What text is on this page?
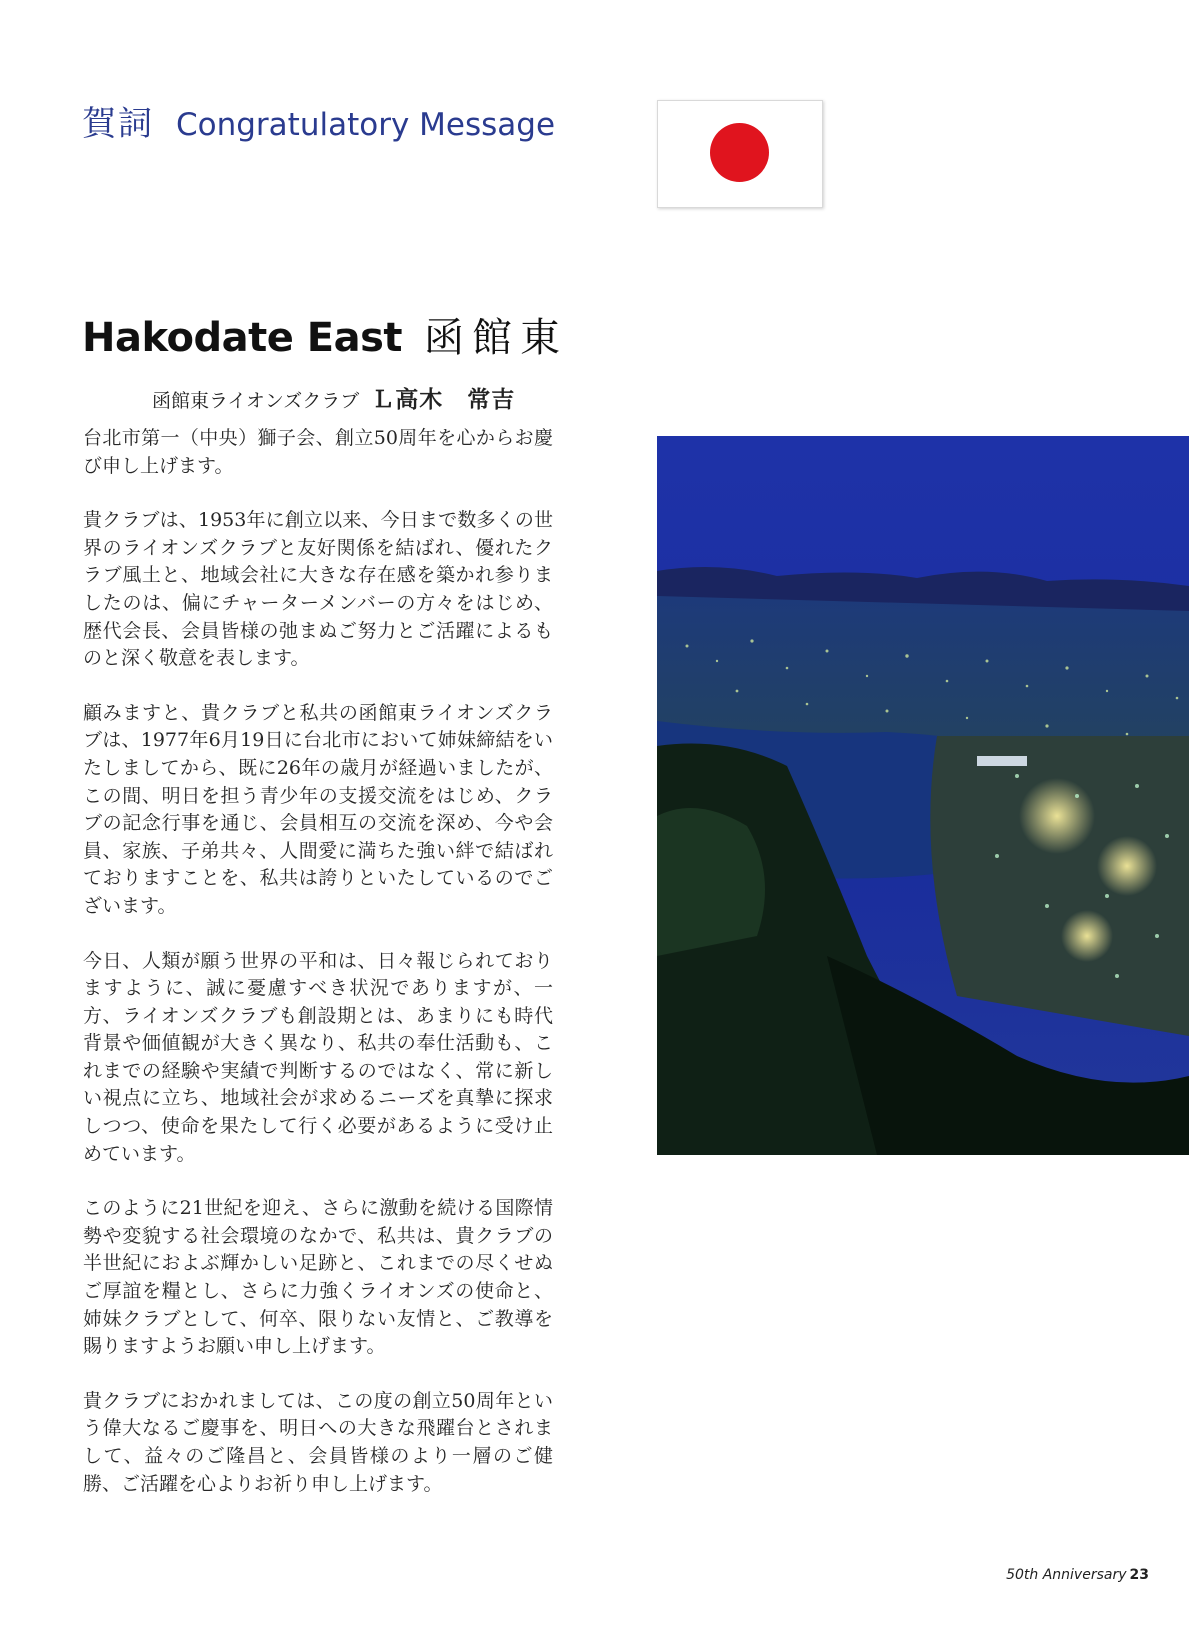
賀詞 Congratulatory Message
Hakodate East 函館東
函館東ライオンズクラブ Ｌ高木　常吉

台北市第一（中央）獅子会、創立50周年を心からお慶び申し上げます。

貴クラブは、1953年に創立以来、今日まで数多くの世界のライオンズクラブと友好関係を結ばれ、優れたクラブ風土と、地域会社に大きな存在感を築かれ参りましたのは、偏にチャーターメンバーの方々をはじめ、歴代会長、会員皆様の弛まぬご努力とご活躍によるものと深く敬意を表します。

顧みますと、貴クラブと私共の函館東ライオンズクラブは、1977年6月19日に台北市において姉妹締結をいたしましてから、既に26年の歳月が経過いましたが、この間、明日を担う青少年の支援交流をはじめ、クラブの記念行事を通じ、会員相互の交流を深め、今や会員、家族、子弟共々、人間愛に満ちた強い絆で結ばれておりますことを、私共は誇りといたしているのでございます。

今日、人類が願う世界の平和は、日々報じられておりますように、誠に憂慮すべき状況でありますが、一方、ライオンズクラブも創設期とは、あまりにも時代背景や価値観が大きく異なり、私共の奉仕活動も、これまでの経験や実績で判断するのではなく、常に新しい視点に立ち、地域社会が求めるニーズを真摯に探求しつつ、使命を果たして行く必要があるように受け止めています。

このように21世紀を迎え、さらに激動を続ける国際情勢や変貌する社会環境のなかで、私共は、貴クラブの半世紀におよぶ輝かしい足跡と、これまでの尽くせぬご厚誼を糧とし、さらに力強くライオンズの使命と、姉妹クラブとして、何卒、限りない友情と、ご教導を賜りますようお願い申し上げます。

貴クラブにおかれましては、この度の創立50周年という偉大なるご慶事を、明日への大きな飛躍台とされまして、益々のご隆昌と、会員皆様のより一層のご健勝、ご活躍を心よりお祈り申し上げます。

50th Anniversary 23
